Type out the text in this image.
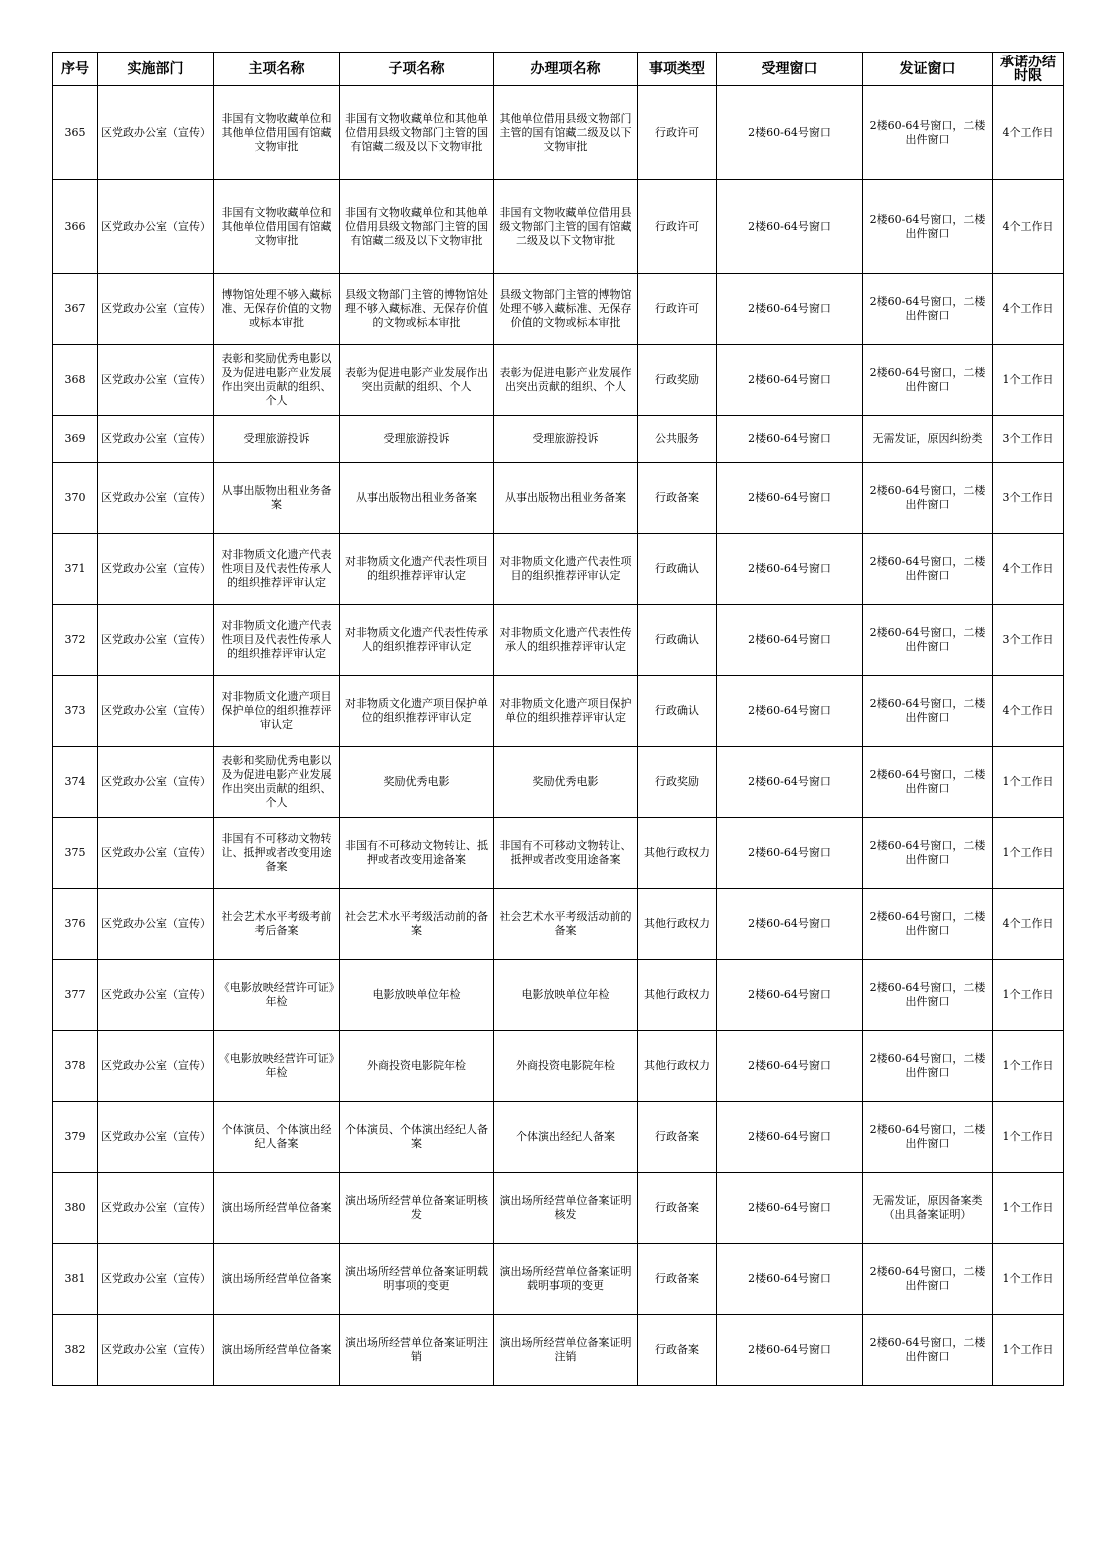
序号	实施部门	主项名称	子项名称	办理项名称	事项类型	受理窗口	发证窗口	承诺办结时限

365	区党政办公室（宣传）	非国有文物收藏单位和其他单位借用国有馆藏文物审批	非国有文物收藏单位和其他单位借用县级文物部门主管的国有馆藏二级及以下文物审批	其他单位借用县级文物部门主管的国有馆藏二级及以下文物审批	行政许可	2楼60-64号窗口	2楼60-64号窗口，二楼出件窗口	4个工作日
366	区党政办公室（宣传）	非国有文物收藏单位和其他单位借用国有馆藏文物审批	非国有文物收藏单位和其他单位借用县级文物部门主管的国有馆藏二级及以下文物审批	非国有文物收藏单位借用县级文物部门主管的国有馆藏二级及以下文物审批	行政许可	2楼60-64号窗口	2楼60-64号窗口，二楼出件窗口	4个工作日
367	区党政办公室（宣传）	博物馆处理不够入藏标准、无保存价值的文物或标本审批	县级文物部门主管的博物馆处理不够入藏标准、无保存价值的文物或标本审批	县级文物部门主管的博物馆处理不够入藏标准、无保存价值的文物或标本审批	行政许可	2楼60-64号窗口	2楼60-64号窗口，二楼出件窗口	4个工作日
368	区党政办公室（宣传）	表彰和奖励优秀电影以及为促进电影产业发展作出突出贡献的组织、个人	表彰为促进电影产业发展作出突出贡献的组织、个人	表彰为促进电影产业发展作出突出贡献的组织、个人	行政奖励	2楼60-64号窗口	2楼60-64号窗口，二楼出件窗口	1个工作日
369	区党政办公室（宣传）	受理旅游投诉	受理旅游投诉	受理旅游投诉	公共服务	2楼60-64号窗口	无需发证，原因纠纷类	3个工作日
370	区党政办公室（宣传）	从事出版物出租业务备案	从事出版物出租业务备案	从事出版物出租业务备案	行政备案	2楼60-64号窗口	2楼60-64号窗口，二楼出件窗口	3个工作日
371	区党政办公室（宣传）	对非物质文化遗产代表性项目及代表性传承人的组织推荐评审认定	对非物质文化遗产代表性项目的组织推荐评审认定	对非物质文化遗产代表性项目的组织推荐评审认定	行政确认	2楼60-64号窗口	2楼60-64号窗口，二楼出件窗口	4个工作日
372	区党政办公室（宣传）	对非物质文化遗产代表性项目及代表性传承人的组织推荐评审认定	对非物质文化遗产代表性传承人的组织推荐评审认定	对非物质文化遗产代表性传承人的组织推荐评审认定	行政确认	2楼60-64号窗口	2楼60-64号窗口，二楼出件窗口	3个工作日
373	区党政办公室（宣传）	对非物质文化遗产项目保护单位的组织推荐评审认定	对非物质文化遗产项目保护单位的组织推荐评审认定	对非物质文化遗产项目保护单位的组织推荐评审认定	行政确认	2楼60-64号窗口	2楼60-64号窗口，二楼出件窗口	4个工作日
374	区党政办公室（宣传）	表彰和奖励优秀电影以及为促进电影产业发展作出突出贡献的组织、个人	奖励优秀电影	奖励优秀电影	行政奖励	2楼60-64号窗口	2楼60-64号窗口，二楼出件窗口	1个工作日
375	区党政办公室（宣传）	非国有不可移动文物转让、抵押或者改变用途备案	非国有不可移动文物转让、抵押或者改变用途备案	非国有不可移动文物转让、抵押或者改变用途备案	其他行政权力	2楼60-64号窗口	2楼60-64号窗口，二楼出件窗口	1个工作日
376	区党政办公室（宣传）	社会艺术水平考级考前考后备案	社会艺术水平考级活动前的备案	社会艺术水平考级活动前的备案	其他行政权力	2楼60-64号窗口	2楼60-64号窗口，二楼出件窗口	4个工作日
377	区党政办公室（宣传）	《电影放映经营许可证》年检	电影放映单位年检	电影放映单位年检	其他行政权力	2楼60-64号窗口	2楼60-64号窗口，二楼出件窗口	1个工作日
378	区党政办公室（宣传）	《电影放映经营许可证》年检	外商投资电影院年检	外商投资电影院年检	其他行政权力	2楼60-64号窗口	2楼60-64号窗口，二楼出件窗口	1个工作日
379	区党政办公室（宣传）	个体演员、个体演出经纪人备案	个体演员、个体演出经纪人备案	个体演出经纪人备案	行政备案	2楼60-64号窗口	2楼60-64号窗口，二楼出件窗口	1个工作日
380	区党政办公室（宣传）	演出场所经营单位备案	演出场所经营单位备案证明核发	演出场所经营单位备案证明核发	行政备案	2楼60-64号窗口	无需发证，原因备案类（出具备案证明）	1个工作日
381	区党政办公室（宣传）	演出场所经营单位备案	演出场所经营单位备案证明载明事项的变更	演出场所经营单位备案证明载明事项的变更	行政备案	2楼60-64号窗口	2楼60-64号窗口，二楼出件窗口	1个工作日
382	区党政办公室（宣传）	演出场所经营单位备案	演出场所经营单位备案证明注销	演出场所经营单位备案证明注销	行政备案	2楼60-64号窗口	2楼60-64号窗口，二楼出件窗口	1个工作日
